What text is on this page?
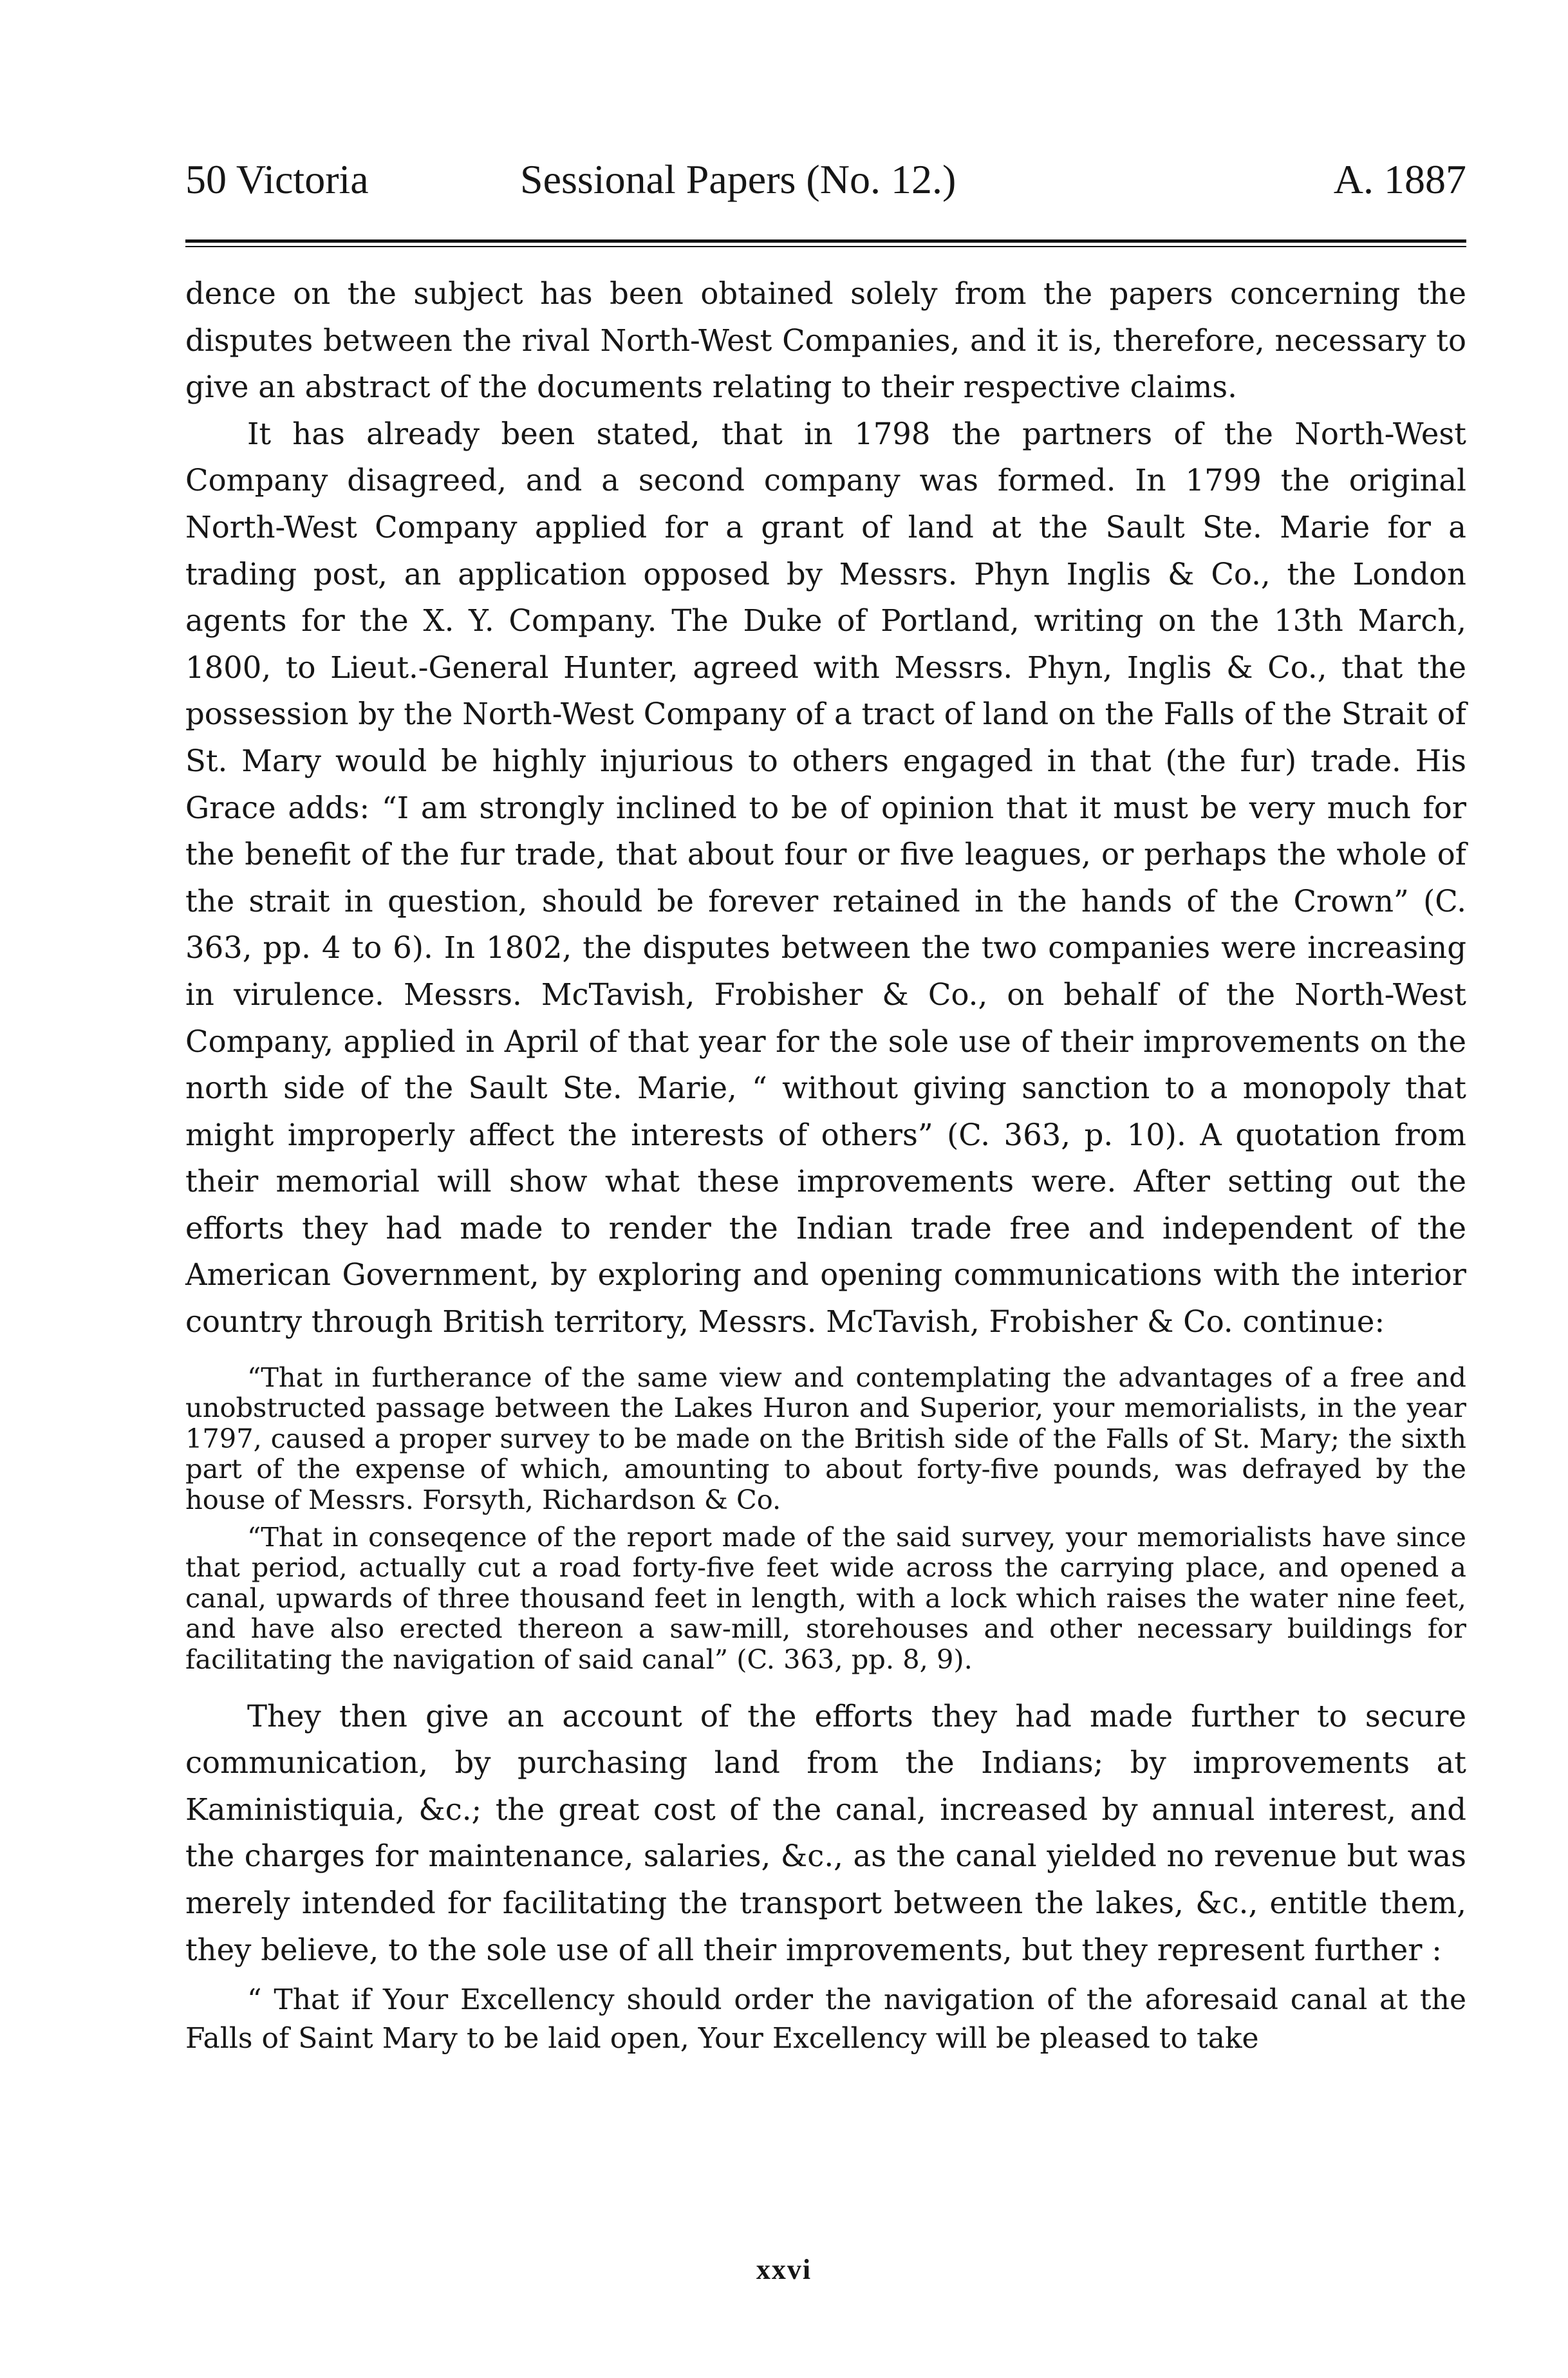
50 Victoria	Sessional Papers (No. 12.)	A. 1887

dence on the subject has been obtained solely from the papers concerning the disputes between the rival North-West Companies, and it is, therefore, necessary to give an abstract of the documents relating to their respective claims.

It has already been stated, that in 1798 the partners of the North-West Company disagreed, and a second company was formed. In 1799 the original North-West Company applied for a grant of land at the Sault Ste. Marie for a trading post, an application opposed by Messrs. Phyn Inglis & Co., the London agents for the X. Y. Company. The Duke of Portland, writing on the 13th March, 1800, to Lieut.-General Hunter, agreed with Messrs. Phyn, Inglis & Co., that the possession by the North-West Company of a tract of land on the Falls of the Strait of St. Mary would be highly injurious to others engaged in that (the fur) trade. His Grace adds: “I am strongly inclined to be of opinion that it must be very much for the benefit of the fur trade, that about four or five leagues, or perhaps the whole of the strait in question, should be forever retained in the hands of the Crown” (C. 363, pp. 4 to 6). In 1802, the disputes between the two companies were increasing in virulence. Messrs. McTavish, Frobisher & Co., on behalf of the North-West Company, applied in April of that year for the sole use of their improvements on the north side of the Sault Ste. Marie, “ without giving sanction to a monopoly that might improperly affect the interests of others” (C. 363, p. 10). A quotation from their memorial will show what these improvements were. After setting out the efforts they had made to render the Indian trade free and independent of the American Government, by exploring and opening communications with the interior country through British territory, Messrs. McTavish, Frobisher & Co. continue:

“That in furtherance of the same view and contemplating the advantages of a free and unobstructed passage between the Lakes Huron and Superior, your memorialists, in the year 1797, caused a proper survey to be made on the British side of the Falls of St. Mary; the sixth part of the expense of which, amounting to about forty-five pounds, was defrayed by the house of Messrs. Forsyth, Richardson & Co.

“That in conseqence of the report made of the said survey, your memorialists have since that period, actually cut a road forty-five feet wide across the carrying place, and opened a canal, upwards of three thousand feet in length, with a lock which raises the water nine feet, and have also erected thereon a saw-mill, storehouses and other necessary buildings for facilitating the navigation of said canal” (C. 363, pp. 8, 9).

They then give an account of the efforts they had made further to secure communication, by purchasing land from the Indians; by improvements at Kaministiquia, &c.; the great cost of the canal, increased by annual interest, and the charges for maintenance, salaries, &c., as the canal yielded no revenue but was merely intended for facilitating the transport between the lakes, &c., entitle them, they believe, to the sole use of all their improvements, but they represent further :

“ That if Your Excellency should order the navigation of the aforesaid canal at the Falls of Saint Mary to be laid open, Your Excellency will be pleased to take

xxvi
